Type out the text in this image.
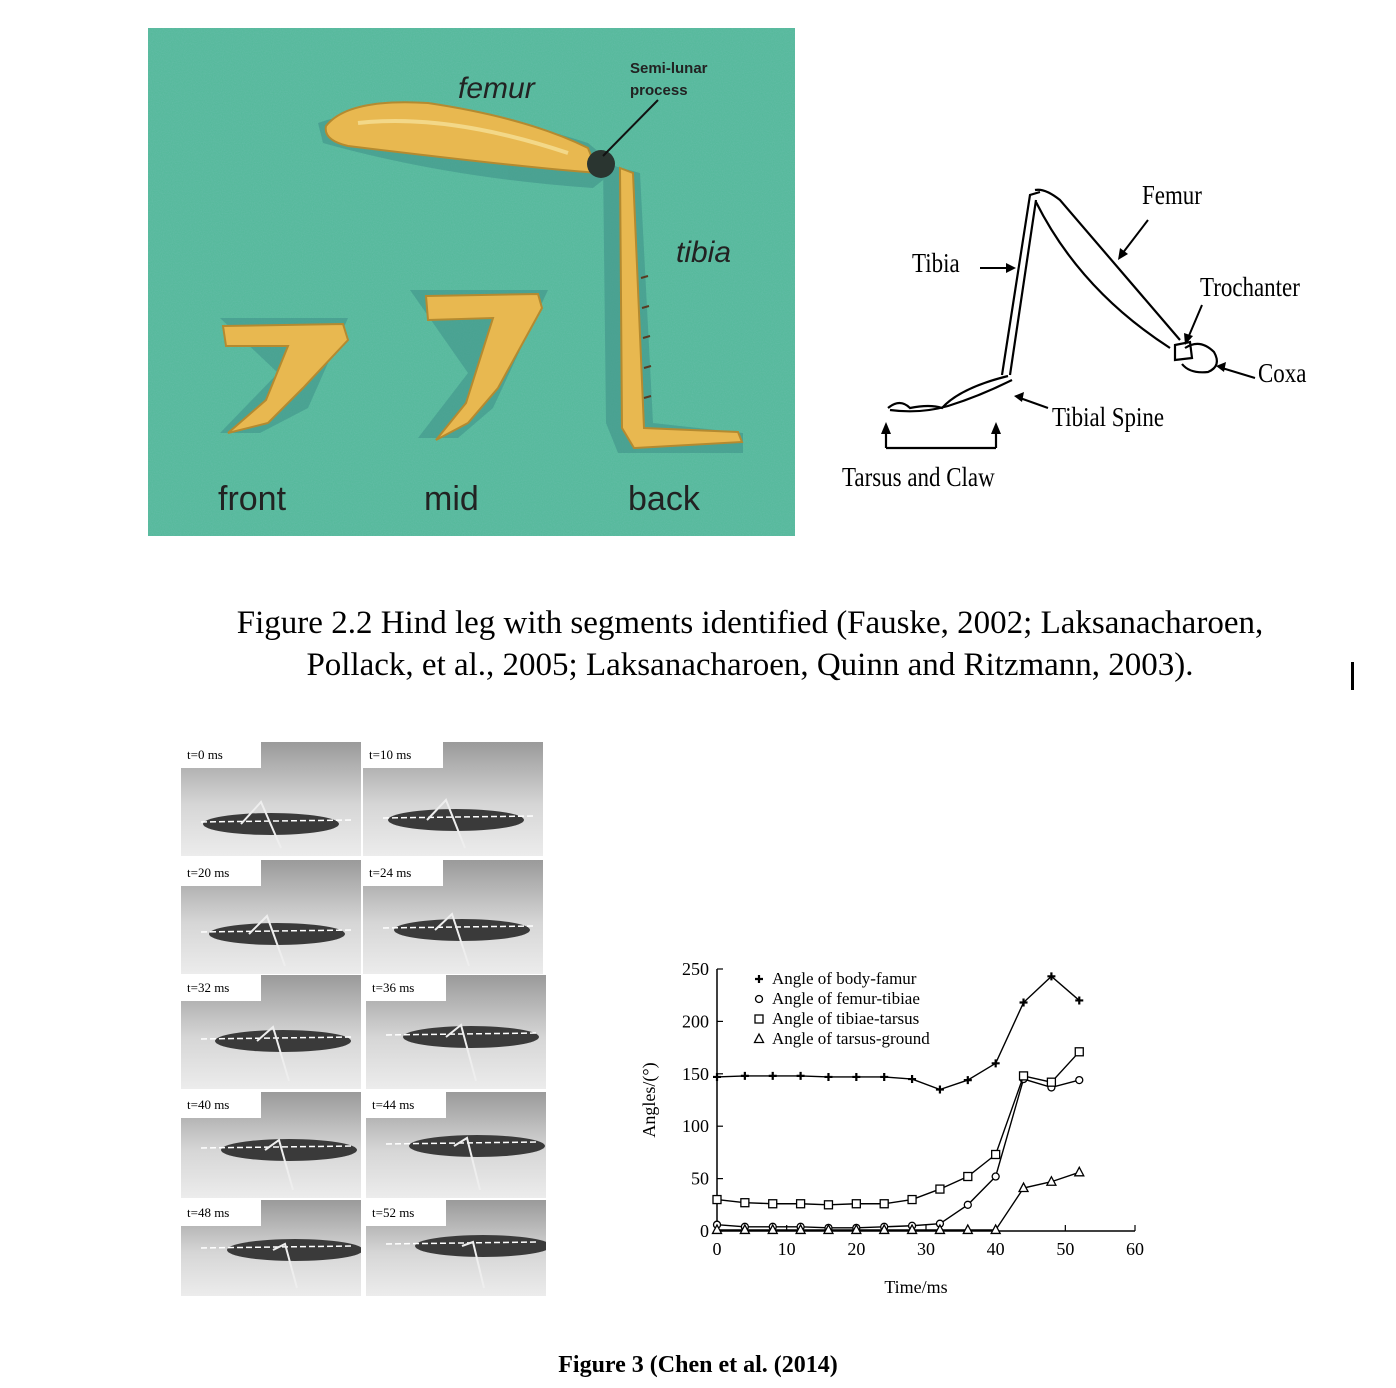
femur
Semi-lunar
process
tibia
front	mid	back
Femur
Tibia
Trochanter
Coxa
Tibial Spine
Tarsus and Claw
Figure 2.2 Hind leg with segments identified (Fauske, 2002; Laksanacharoen,
Pollack, et al., 2005; Laksanacharoen, Quinn and Ritzmann, 2003).
t=0 ms	t=10 ms
t=20 ms	t=24 ms
t=32 ms	t=36 ms
t=40 ms	t=44 ms
t=48 ms	t=52 ms
0	10	20	30	40	50	60
0
50
100
150
200
250
Time/ms
Angles/(°)
Angle of body-famur
Angle of femur-tibiae
Angle of tibiae-tarsus
Angle of tarsus-ground
Figure 3 (Chen et al. (2014)
